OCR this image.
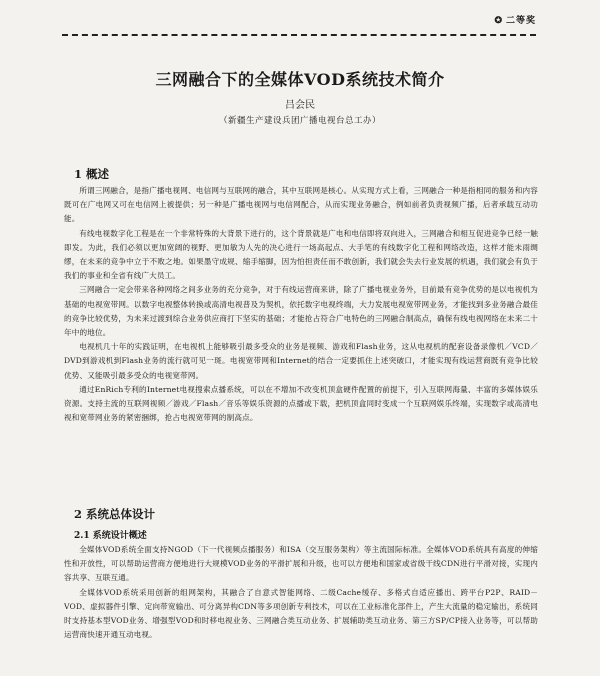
✪ 二等奖
三网融合下的全媒体VOD系统技术简介
吕会民
（新疆生产建设兵团广播电视台总工办）
1 概述

所谓三网融合，是指广播电视网、电信网与互联网的融合，其中互联网是核心。从实现方式上看，三网融合一种是指相同的服务和内容既可在广电网又可在电信网上被提供；另一种是广播电视网与电信网配合，从而实现业务融合，例如前者负责视频广播，后者承载互动功能。

有线电视数字化工程是在一个非常特殊的大背景下进行的，这个背景就是广电和电信即将双向进入，三网融合和相互促进竞争已经一触即发。为此，我们必须以更加宽阔的视野、更加敏为人先的决心进行一场高起点、大手笔的有线数字化工程和网络改造，这样才能未雨绸缪，在未来的竞争中立于不败之地。如果墨守成规、缩手缩脚，因为怕担责任而不敢创新，我们就会失去行业发展的机遇，我们就会有负于我们的事业和全省有线广大员工。

三网融合一定会带来各种网络之间多业务的充分竞争，对于有线运营商来讲，除了广播电视业务外，目前最有竞争优势的是以电视机为基础的电视宽带网。以数字电视整体转换或高清电视普及为契机，依托数字电视终端，大力发展电视宽带网业务，才能找到多业务融合最佳的竞争比较优势，为未来过渡到综合业务供应商打下坚实的基础；才能抢占符合广电特色的三网融合制高点，确保有线电视网络在未来二十年中的地位。

电视机几十年的实践证明，在电视机上能够吸引最多受众的业务是视频、游戏和Flash业务，这从电视机的配套设备录像机／VCD／DVD到游戏机到Flash业务的流行就可见一斑。电视宽带网和Internet的结合一定要抓住上述突破口，才能实现有线运营商既有竞争比较优势、又能吸引最多受众的电视宽带网。

通过EnRich专利的Internet电视搜索点播系统，可以在不增加不改变机顶盒硬件配置的前提下，引入互联网海量、丰富的多媒体娱乐资源。支持主流的互联网视频／游戏／Flash／音乐等娱乐资源的点播或下载，把机顶盒同时变成一个互联网娱乐终端，实现数字或高清电视和宽带网业务的紧密捆绑，抢占电视宽带网的制高点。

2 系统总体设计
2.1 系统设计概述

全媒体VOD系统全面支持NGOD（下一代视频点播服务）和ISA（交互服务架构）等主流国际标准。全媒体VOD系统具有高度的伸缩性和开放性，可以帮助运营商方便地进行大规模VOD业务的平滑扩展和升级，也可以方便地和国家或省级干线CDN进行平滑对接，实现内容共享、互联互通。

全媒体VOD系统采用创新的组网架构，其融合了自意式智能网络、二级Cache缓存、多格式自适应播出、跨平台P2P、RAID－VOD、虚拟器件引擎、定向带宽输出、可分离异构CDN等多项创新专利技术，可以在工业标准化部件上，产生大流量的稳定输出，系统同时支持基本型VOD业务、增强型VOD和时移电视业务、三网融合类互动业务、扩展辅助类互动业务、第三方SP/CP接入业务等，可以帮助运营商快速开通互动电视。
